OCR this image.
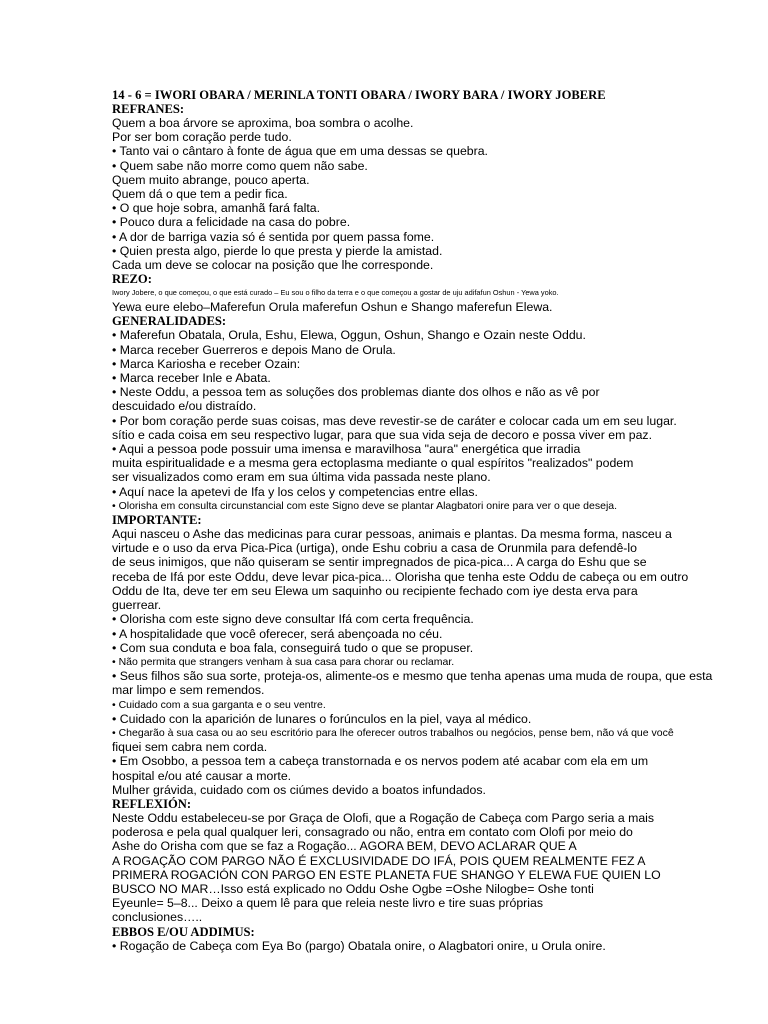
14 - 6 = IWORI OBARA / MERINLA TONTI OBARA / IWORY BARA / IWORY JOBERE
REFRANES:
Quem a boa árvore se aproxima, boa sombra o acolhe.
Por ser bom coração perde tudo.
• Tanto vai o cântaro à fonte de água que em uma dessas se quebra.
• Quem sabe não morre como quem não sabe.
Quem muito abrange, pouco aperta.
Quem dá o que tem a pedir fica.
• O que hoje sobra, amanhã fará falta.
• Pouco dura a felicidade na casa do pobre.
• A dor de barriga vazia só é sentida por quem passa fome.
• Quien presta algo, pierde lo que presta y pierde la amistad.
Cada um deve se colocar na posição que lhe corresponde.
REZO:
Iwory Jobere, o que começou, o que está curado – Eu sou o filho da terra e o que começou a gostar de uju adifafun Oshun - Yewa yoko.
Yewa eure elebo–Maferefun Orula maferefun Oshun e Shango maferefun Elewa.
GENERALIDADES:
• Maferefun Obatala, Orula, Eshu, Elewa, Oggun, Oshun, Shango e Ozain neste Oddu.
• Marca receber Guerreros e depois Mano de Orula.
• Marca Kariosha e receber Ozain:
• Marca receber Inle e Abata.
• Neste Oddu, a pessoa tem as soluções dos problemas diante dos olhos e não as vê por
descuidado e/ou distraído.
• Por bom coração perde suas coisas, mas deve revestir-se de caráter e colocar cada um em seu lugar.
sítio e cada coisa em seu respectivo lugar, para que sua vida seja de decoro e possa viver em paz.
• Aqui a pessoa pode possuir uma imensa e maravilhosa "aura" energética que irradia
muita espiritualidade e a mesma gera ectoplasma mediante o qual espíritos "realizados" podem
ser visualizados como eram em sua última vida passada neste plano.
• Aquí nace la apetevi de Ifa y los celos y competencias entre ellas.
• Olorisha em consulta circunstancial com este Signo deve se plantar Alagbatori onire para ver o que deseja.
IMPORTANTE:
Aqui nasceu o Ashe das medicinas para curar pessoas, animais e plantas. Da mesma forma, nasceu a
virtude e o uso da erva Pica-Pica (urtiga), onde Eshu cobriu a casa de Orunmila para defendê-lo
de seus inimigos, que não quiseram se sentir impregnados de pica-pica... A carga do Eshu que se
receba de Ifá por este Oddu, deve levar pica-pica... Olorisha que tenha este Oddu de cabeça ou em outro
Oddu de Ita, deve ter em seu Elewa um saquinho ou recipiente fechado com iye desta erva para
guerrear.
• Olorisha com este signo deve consultar Ifá com certa frequência.
• A hospitalidade que você oferecer, será abençoada no céu.
• Com sua conduta e boa fala, conseguirá tudo o que se propuser.
• Não permita que strangers venham à sua casa para chorar ou reclamar.
• Seus filhos são sua sorte, proteja-os, alimente-os e mesmo que tenha apenas uma muda de roupa, que esta
mar limpo e sem remendos.
• Cuidado com a sua garganta e o seu ventre.
• Cuidado con la aparición de lunares o forúnculos en la piel, vaya al médico.
• Chegarão à sua casa ou ao seu escritório para lhe oferecer outros trabalhos ou negócios, pense bem, não vá que você
fiquei sem cabra nem corda.
• Em Osobbo, a pessoa tem a cabeça transtornada e os nervos podem até acabar com ela em um
hospital e/ou até causar a morte.
Mulher grávida, cuidado com os ciúmes devido a boatos infundados.
REFLEXIÓN:
Neste Oddu estabeleceu-se por Graça de Olofi, que a Rogação de Cabeça com Pargo seria a mais
poderosa e pela qual qualquer leri, consagrado ou não, entra em contato com Olofi por meio do
Ashe do Orisha com que se faz a Rogação... AGORA BEM, DEVO ACLARAR QUE A
A ROGAÇÃO COM PARGO NÃO É EXCLUSIVIDADE DO IFÁ, POIS QUEM REALMENTE FEZ A
PRIMERA ROGACIÓN CON PARGO EN ESTE PLANETA FUE SHANGO Y ELEWA FUE QUIEN LO
BUSCO NO MAR…Isso está explicado no Oddu Oshe Ogbe =Oshe Nilogbe= Oshe tonti
Eyeunle= 5–8... Deixo a quem lê para que releia neste livro e tire suas próprias
conclusiones…..
EBBOS E/OU ADDIMUS:
• Rogação de Cabeça com Eya Bo (pargo) Obatala onire, o Alagbatori onire, u Orula onire.
